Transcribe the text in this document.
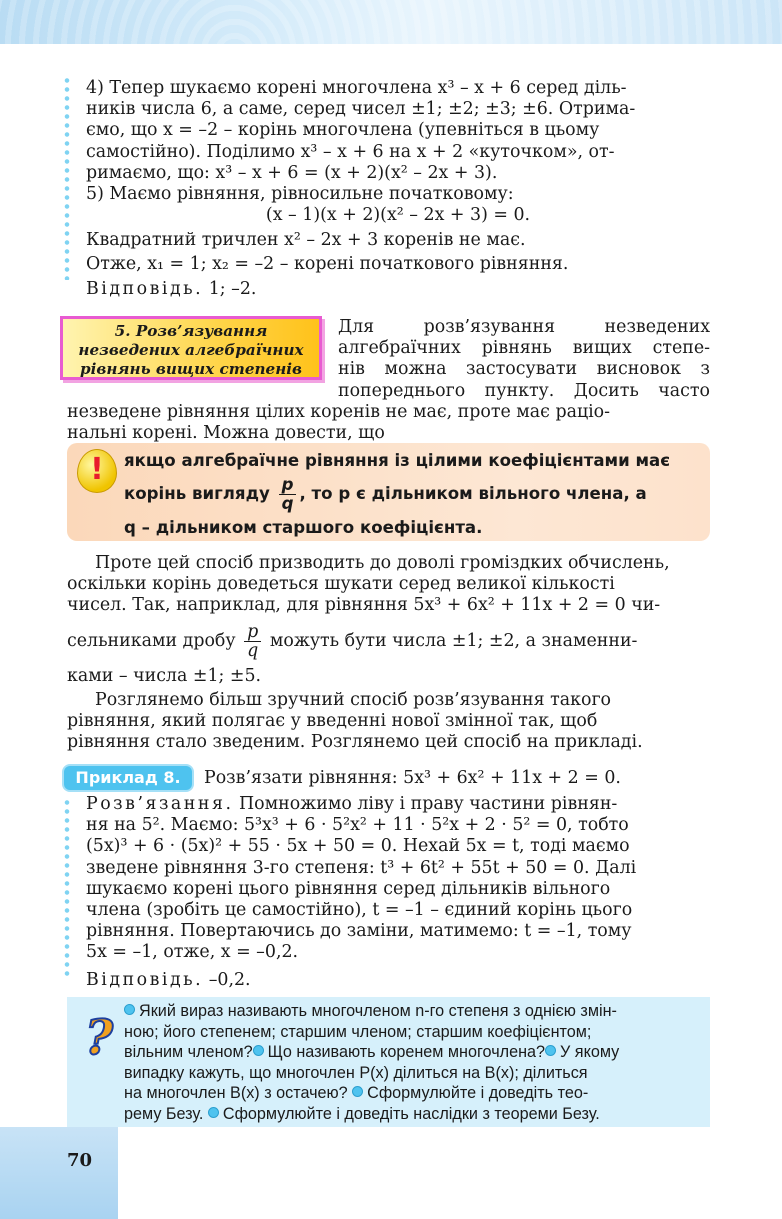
4) Тепер шукаємо корені многочлена x³ – x + 6 серед діль-
ників числа 6, а саме, серед чисел ±1; ±2; ±3; ±6. Отрима-
ємо, що x = –2 – корінь многочлена (упевніться в цьому
самостійно). Поділимо x³ – x + 6 на x + 2 «куточком», от-
римаємо, що: x³ – x + 6 = (x + 2)(x² – 2x + 3).
5) Маємо рівняння, рівносильне початковому:
(x – 1)(x + 2)(x² – 2x + 3) = 0.
Квадратний тричлен x² – 2x + 3 коренів не має.
Отже, x₁ = 1; x₂ = –2 – корені початкового рівняння.
Відповідь. 1; –2.
5. Розв’язування
незведених алгебраїчних
рівнянь вищих степенів
Для розв’язування незведених
алгебраїчних рівнянь вищих степе-
нів можна застосувати висновок з
попереднього пункту. Досить часто
незведене рівняння цілих коренів не має, проте має раціо-
нальні корені. Можна довести, що
!	якщо алгебраїчне рівняння із цілими коефіцієнтами має
корінь вигляду $\frac{p}{q}$ , то p є дільником вільного члена, а
q – дільником старшого коефіцієнта.
Проте цей спосіб призводить до доволі громіздких обчислень,
оскільки корінь доведеться шукати серед великої кількості
чисел. Так, наприклад, для рівняння 5x³ + 6x² + 11x + 2 = 0 чи-
сельниками дробу $\frac{p}{q}$ можуть бути числа ±1; ±2, а знаменни-
ками – числа ±1; ±5.
Розглянемо більш зручний спосіб розв’язування такого
рівняння, який полягає у введенні нової змінної так, щоб
рівняння стало зведеним. Розглянемо цей спосіб на прикладі.
Приклад 8.	Розв’язати рівняння: 5x³ + 6x² + 11x + 2 = 0.
Розв’язання. Помножимо ліву і праву частини рівнян-
ня на 5². Маємо: 5³x³ + 6 · 5²x² + 11 · 5²x + 2 · 5² = 0, тобто
(5x)³ + 6 · (5x)² + 55 · 5x + 50 = 0. Нехай 5x = t, тоді маємо
зведене рівняння 3-го степеня: t³ + 6t² + 55t + 50 = 0. Далі
шукаємо корені цього рівняння серед дільників вільного
члена (зробіть це самостійно), t = –1 – єдиний корінь цього
рівняння. Повертаючись до заміни, матимемо: t = –1, тому
5x = –1, отже, x = –0,2.
Відповідь. –0,2.
?	Який вираз називають многочленом n-го степеня з однією змін-
ною; його степенем; старшим членом; старшим коефіцієнтом;
вільним членом? Що називають коренем многочлена? У якому
випадку кажуть, що многочлен P(x) ділиться на B(x); ділиться
на многочлен B(x) з остачею? Сформулюйте і доведіть тео-
рему Безу. Сформулюйте і доведіть наслідки з теореми Безу.
70
